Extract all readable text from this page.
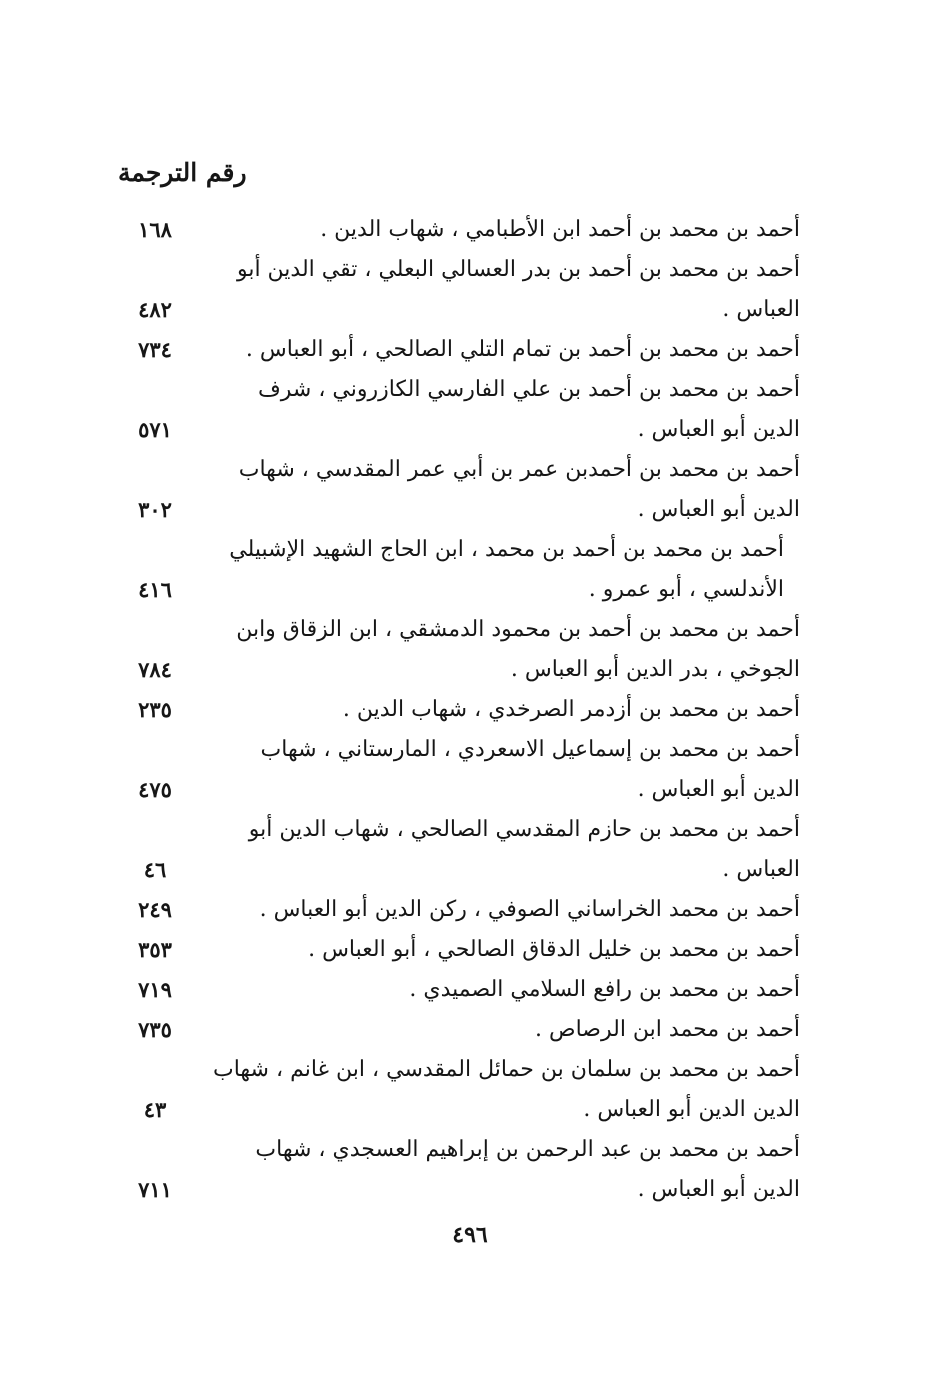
رقم الترجمة
أحمد بن محمد بن أحمد ابن الأطبامي ، شهاب الدين .
١٦٨
أحمد بن محمد بن أحمد بن بدر العسالي البعلي ، تقي الدين أبو العباس .
٤٨٢
أحمد بن محمد بن أحمد بن تمام التلي الصالحي ، أبو العباس .
٧٣٤
أحمد بن محمد بن أحمد بن علي الفارسي الكازروني ، شرف الدين أبو العباس .
٥٧١
أحمد بن محمد بن أحمدبن عمر بن أبي عمر المقدسي ، شهاب الدين أبو العباس .
٣٠٢
أحمد بن محمد بن أحمد بن محمد ، ابن الحاج الشهيد الإشبيلي الأندلسي ، أبو عمرو .
٤١٦
أحمد بن محمد بن أحمد بن محمود الدمشقي ، ابن الزقاق وابن الجوخي ، بدر الدين أبو العباس .
٧٨٤
أحمد بن محمد بن أزدمر الصرخدي ، شهاب الدين .
٢٣٥
أحمد بن محمد بن إسماعيل الاسعردي ، المارستاني ، شهاب الدين أبو العباس .
٤٧٥
أحمد بن محمد بن حازم المقدسي الصالحي ، شهاب الدين أبو العباس .
٤٦
أحمد بن محمد الخراساني الصوفي ، ركن الدين أبو العباس .
٢٤٩
أحمد بن محمد بن خليل الدقاق الصالحي ، أبو العباس .
٣٥٣
أحمد بن محمد بن رافع السلامي الصميدي .
٧١٩
أحمد بن محمد ابن الرصاص .
٧٣٥
أحمد بن محمد بن سلمان بن حمائل المقدسي ، ابن غانم ، شهاب الدين الدين أبو العباس .
٤٣
أحمد بن محمد بن عبد الرحمن بن إبراهيم العسجدي ، شهاب الدين أبو العباس .
٧١١
٤٩٦
